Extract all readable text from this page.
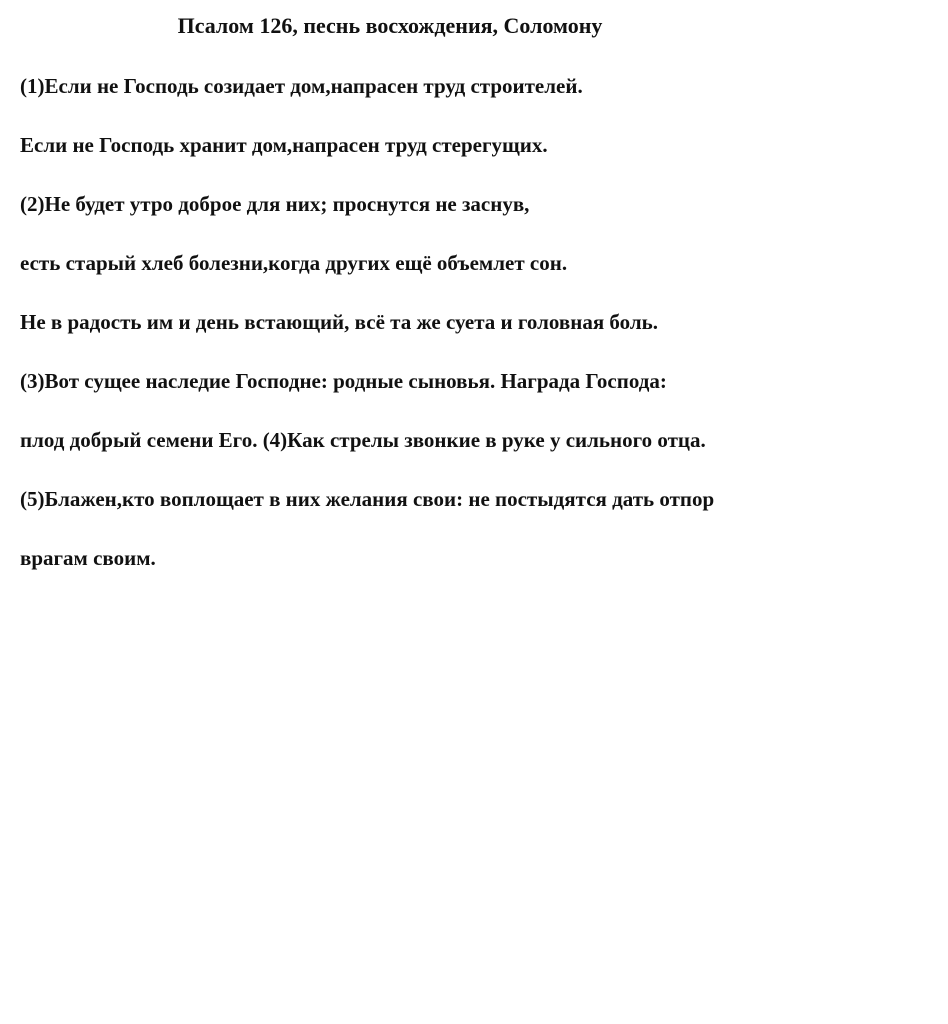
Псалом 126, песнь восхождения, Соломону
(1)Если не Господь созидает дом,напрасен труд строителей.
Если не Господь хранит дом,напрасен труд стерегущих.
(2)Не будет утро доброе для них; проснутся не заснув,
есть старый хлеб болезни,когда других ещё объемлет сон.
Не в радость им и день встающий, всё та же суета и головная боль.
(3)Вот сущее наследие Господне: родные сыновья. Награда Господа:
плод добрый семени Его. (4)Как стрелы звонкие в руке у сильного отца.
(5)Блажен,кто воплощает в них желания свои: не постыдятся дать отпор
врагам своим.
